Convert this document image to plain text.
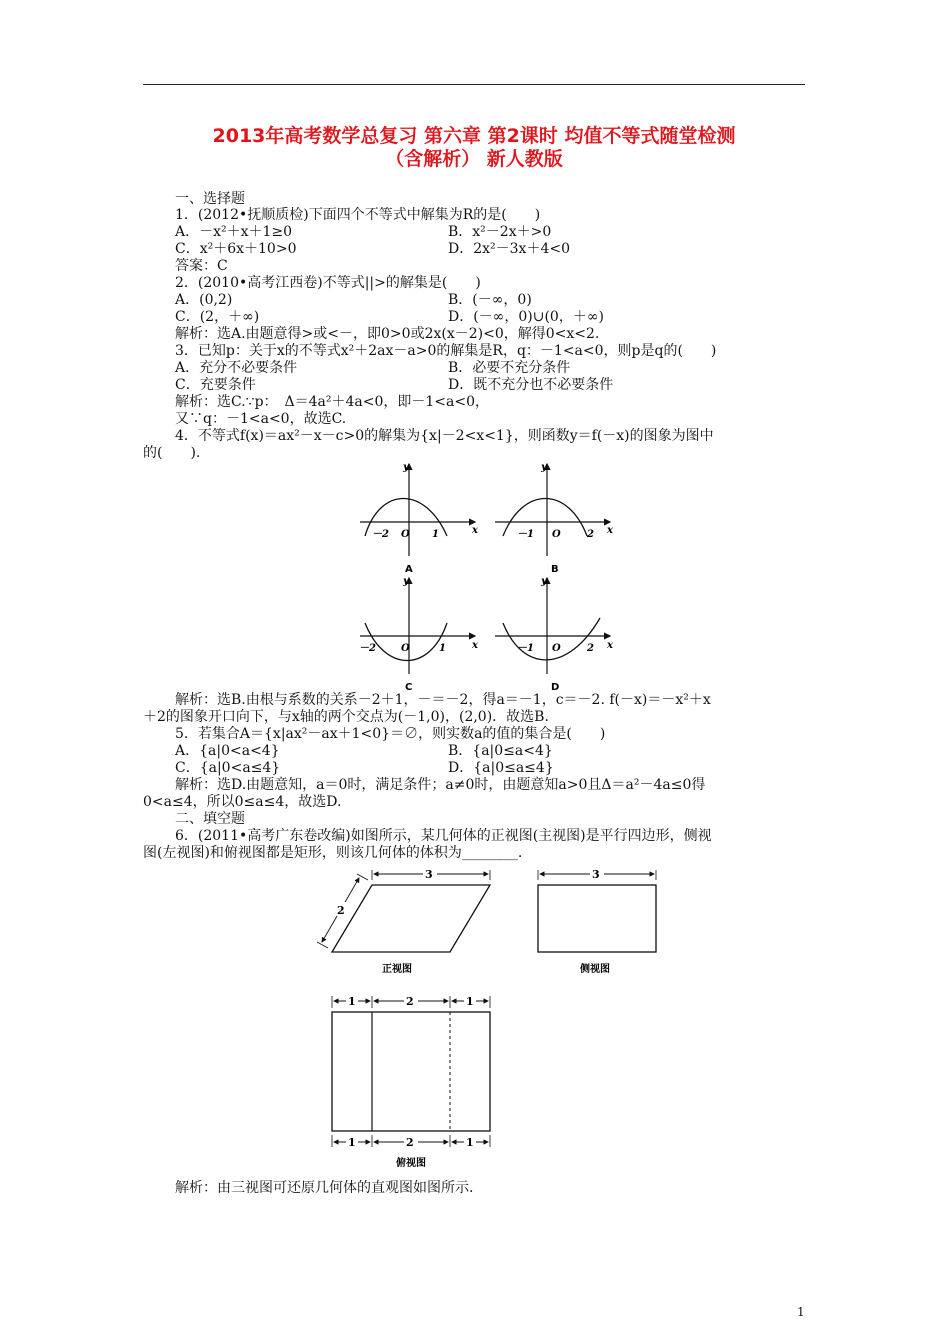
2013年高考数学总复习 第六章 第2课时 均值不等式随堂检测
（含解析） 新人教版
一、选择题
1．(2012•抚顺质检)下面四个不等式中解集为R的是(　　)
A．－x²＋x＋1≥0	B．x²－2x＋>0
C．x²＋6x＋10>0	D．2x²－3x＋4<0
答案：C
2．(2010•高考江西卷)不等式||>的解集是(　　)
A．(0,2)	B．(－∞，0)
C．(2，＋∞)	D．(－∞，0)∪(0，＋∞)
解析：选A.由题意得>或<－，即0>0或2x(x－2)<0，解得0<x<2.
3．已知p：关于x的不等式x²＋2ax－a>0的解集是R，q：－1<a<0，则p是q的(　　)
A．充分不必要条件	B．必要不充分条件
C．充要条件	D．既不充分也不必要条件
解析：选C.∵p：　Δ＝4a²＋4a<0，即－1<a<0，
又∵q：－1<a<0，故选C.
4．不等式f(x)＝ax²－x－c>0的解集为{x|－2<x<1}，则函数y＝f(－x)的图象为图中
的(　　).
y
x
O
－2	1
A
y
x
O
－1	2
B
y
x
O
－2	1
C
y
x
O
－1	2
D
解析：选B.由根与系数的关系－2＋1，－＝－2，得a＝－1，c＝－2. f(－x)＝－x²＋x
＋2的图象开口向下，与x轴的两个交点为(－1,0)，(2,0)．故选B.
5．若集合A＝{x|ax²－ax＋1<0}＝∅，则实数a的值的集合是(　　)
A．{a|0<a<4}	B．{a|0≤a<4}
C．{a|0<a≤4}	D．{a|0≤a≤4}
解析：选D.由题意知，a＝0时，满足条件；a≠0时，由题意知a>0且Δ＝a²－4a≤0得
0<a≤4，所以0≤a≤4，故选D.
二、填空题
6．(2011•高考广东卷改编)如图所示，某几何体的正视图(主视图)是平行四边形，侧视
图(左视图)和俯视图都是矩形，则该几何体的体积为________.
3
2
正视图
3
侧视图
1	2	1
1	2	1
俯视图
解析：由三视图可还原几何体的直观图如图所示.
1
